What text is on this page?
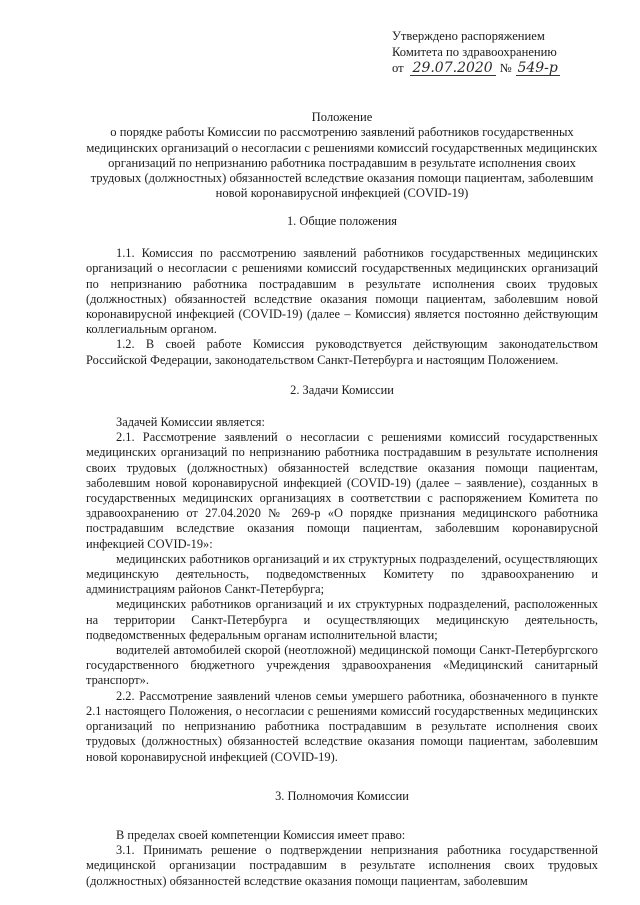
Утверждено распоряжением
Комитета по здравоохранению
от 29.07.2020 № 549-р
Положение
о порядке работы Комиссии по рассмотрению заявлений работников государственных медицинских организаций о несогласии с решениями комиссий государственных медицинских организаций по непризнанию работника пострадавшим в результате исполнения своих трудовых (должностных) обязанностей вследствие оказания помощи пациентам, заболевшим новой коронавирусной инфекцией (COVID-19)
1. Общие положения

1.1. Комиссия по рассмотрению заявлений работников государственных медицинских организаций о несогласии с решениями комиссий государственных медицинских организаций по непризнанию работника пострадавшим в результате исполнения своих трудовых (должностных) обязанностей вследствие оказания помощи пациентам, заболевшим новой коронавирусной инфекцией (COVID-19) (далее – Комиссия) является постоянно действующим коллегиальным органом.

1.2. В своей работе Комиссия руководствуется действующим законодательством Российской Федерации, законодательством Санкт-Петербурга и настоящим Положением.

2. Задачи Комиссии

Задачей Комиссии является:

2.1. Рассмотрение заявлений о несогласии с решениями комиссий государственных медицинских организаций по непризнанию работника пострадавшим в результате исполнения своих трудовых (должностных) обязанностей вследствие оказания помощи пациентам, заболевшим новой коронавирусной инфекцией (COVID-19) (далее – заявление), созданных в государственных медицинских организациях в соответствии с распоряжением Комитета по здравоохранению от 27.04.2020 № 269-р «О порядке признания медицинского работника пострадавшим вследствие оказания помощи пациентам, заболевшим коронавирусной инфекцией COVID-19»:

медицинских работников организаций и их структурных подразделений, осуществляющих медицинскую деятельность, подведомственных Комитету по здравоохранению и администрациям районов Санкт-Петербурга;

медицинских работников организаций и их структурных подразделений, расположенных на территории Санкт-Петербурга и осуществляющих медицинскую деятельность, подведомственных федеральным органам исполнительной власти;

водителей автомобилей скорой (неотложной) медицинской помощи Санкт-Петербургского государственного бюджетного учреждения здравоохранения «Медицинский санитарный транспорт».

2.2. Рассмотрение заявлений членов семьи умершего работника, обозначенного в пункте 2.1 настоящего Положения, о несогласии с решениями комиссий государственных медицинских организаций по непризнанию работника пострадавшим в результате исполнения своих трудовых (должностных) обязанностей вследствие оказания помощи пациентам, заболевшим новой коронавирусной инфекцией (COVID-19).

3. Полномочия Комиссии

В пределах своей компетенции Комиссия имеет право:

3.1. Принимать решение о подтверждении непризнания работника государственной медицинской организации пострадавшим в результате исполнения своих трудовых (должностных) обязанностей вследствие оказания помощи пациентам, заболевшим
